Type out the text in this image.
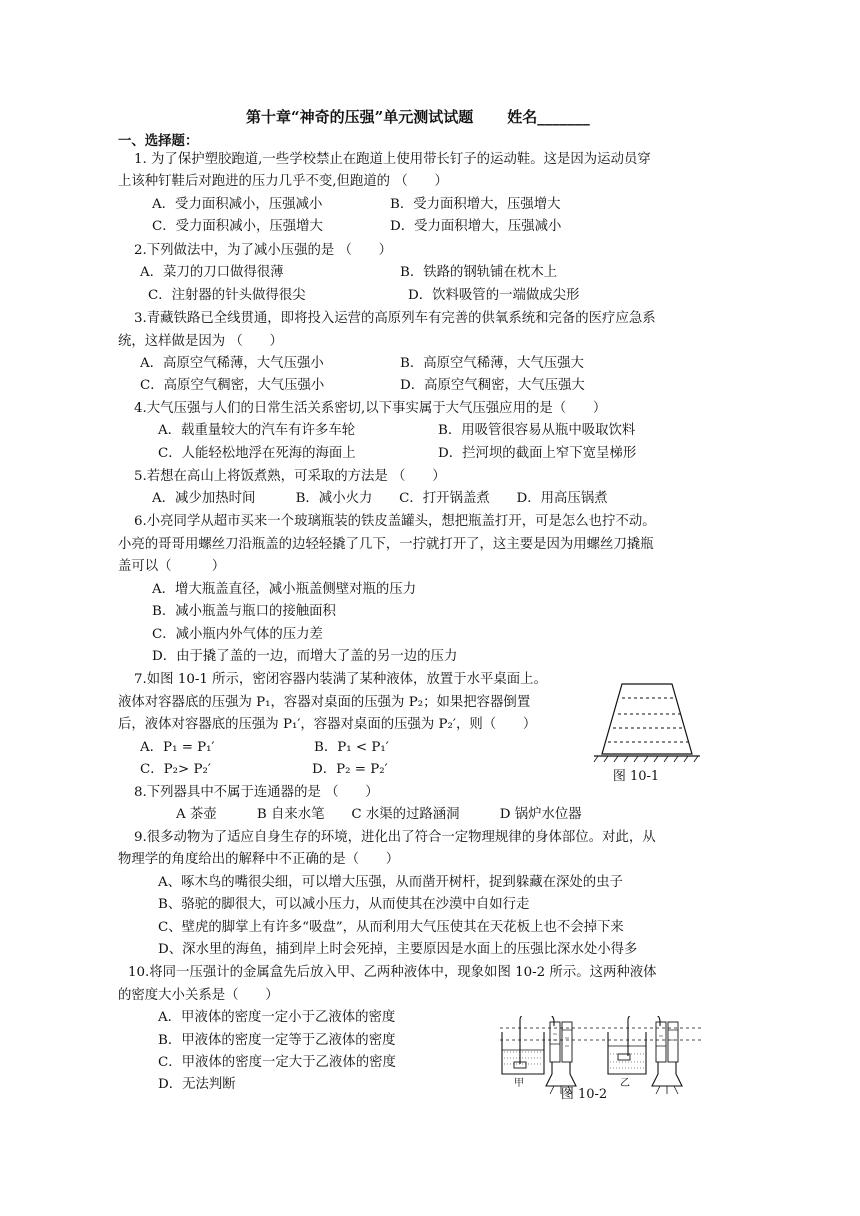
第十章“神奇的压强”单元测试试题 姓名_______
一、选择题：
1. 为了保护塑胶跑道,一些学校禁止在跑道上使用带长钉子的运动鞋。这是因为运动员穿
上该种钉鞋后对跑进的压力几乎不变,但跑道的 （　　）
A．受力面积减小，压强减小	B．受力面积增大，压强增大
C．受力面积减小，压强增大	D．受力面积增大，压强减小
2.下列做法中，为了减小压强的是 （　　）
A．菜刀的刀口做得很薄	B．铁路的钢轨铺在枕木上
C．注射器的针头做得很尖	D．饮料吸管的一端做成尖形
3.青藏铁路已全线贯通，即将投入运营的高原列车有完善的供氧系统和完备的医疗应急系
统，这样做是因为 （　　）
A．高原空气稀薄，大气压强小	B．高原空气稀薄，大气压强大
C．高原空气稠密，大气压强小	D．高原空气稠密，大气压强大
4.大气压强与人们的日常生活关系密切,以下事实属于大气压强应用的是（　　）
A．载重量较大的汽车有许多车轮	B．用吸管很容易从瓶中吸取饮料
C．人能轻松地浮在死海的海面上	D．拦河坝的截面上窄下宽呈梯形
5.若想在高山上将饭煮熟，可采取的方法是 （　　）
A．减少加热时间　　　B．减小火力　　C．打开锅盖煮　　D．用高压锅煮
6.小亮同学从超市买来一个玻璃瓶装的铁皮盖罐头，想把瓶盖打开，可是怎么也拧不动。
小亮的哥哥用螺丝刀沿瓶盖的边轻轻撬了几下，一拧就打开了，这主要是因为用螺丝刀撬瓶
盖可以（　　　）
A．增大瓶盖直径，减小瓶盖侧壁对瓶的压力
B．减小瓶盖与瓶口的接触面积
C．减小瓶内外气体的压力差
D．由于撬了盖的一边，而增大了盖的另一边的压力
7.如图 10-1 所示，密闭容器内装满了某种液体，放置于水平桌面上。
液体对容器底的压强为 P₁，容器对桌面的压强为 P₂；如果把容器倒置
后，液体对容器底的压强为 P₁′，容器对桌面的压强为 P₂′，则（　　）
A．P₁ = P₁′	B．P₁ < P₁′
C．P₂> P₂′	D．P₂ = P₂′	图 10-1
8.下列器具中不属于连通器的是 （　　）
A 茶壶　　　B 自来水笔　　C 水渠的过路涵洞　　　D 锅炉水位器
9.很多动物为了适应自身生存的环境，进化出了符合一定物理规律的身体部位。对此，从
物理学的角度给出的解释中不正确的是（　　）
A、啄木鸟的嘴很尖细，可以增大压强，从而凿开树杆，捉到躲藏在深处的虫子
B、骆驼的脚很大，可以减小压力，从而使其在沙漠中自如行走
C、壁虎的脚掌上有许多“吸盘”，从而利用大气压使其在天花板上也不会掉下来
D、深水里的海鱼，捕到岸上时会死掉，主要原因是水面上的压强比深水处小得多
10.将同一压强计的金属盒先后放入甲、乙两种液体中，现象如图 10-2 所示。这两种液体
的密度大小关系是（　　）
A．甲液体的密度一定小于乙液体的密度
B．甲液体的密度一定等于乙液体的密度
C．甲液体的密度一定大于乙液体的密度
D．无法判断	甲	乙
图 10-2
